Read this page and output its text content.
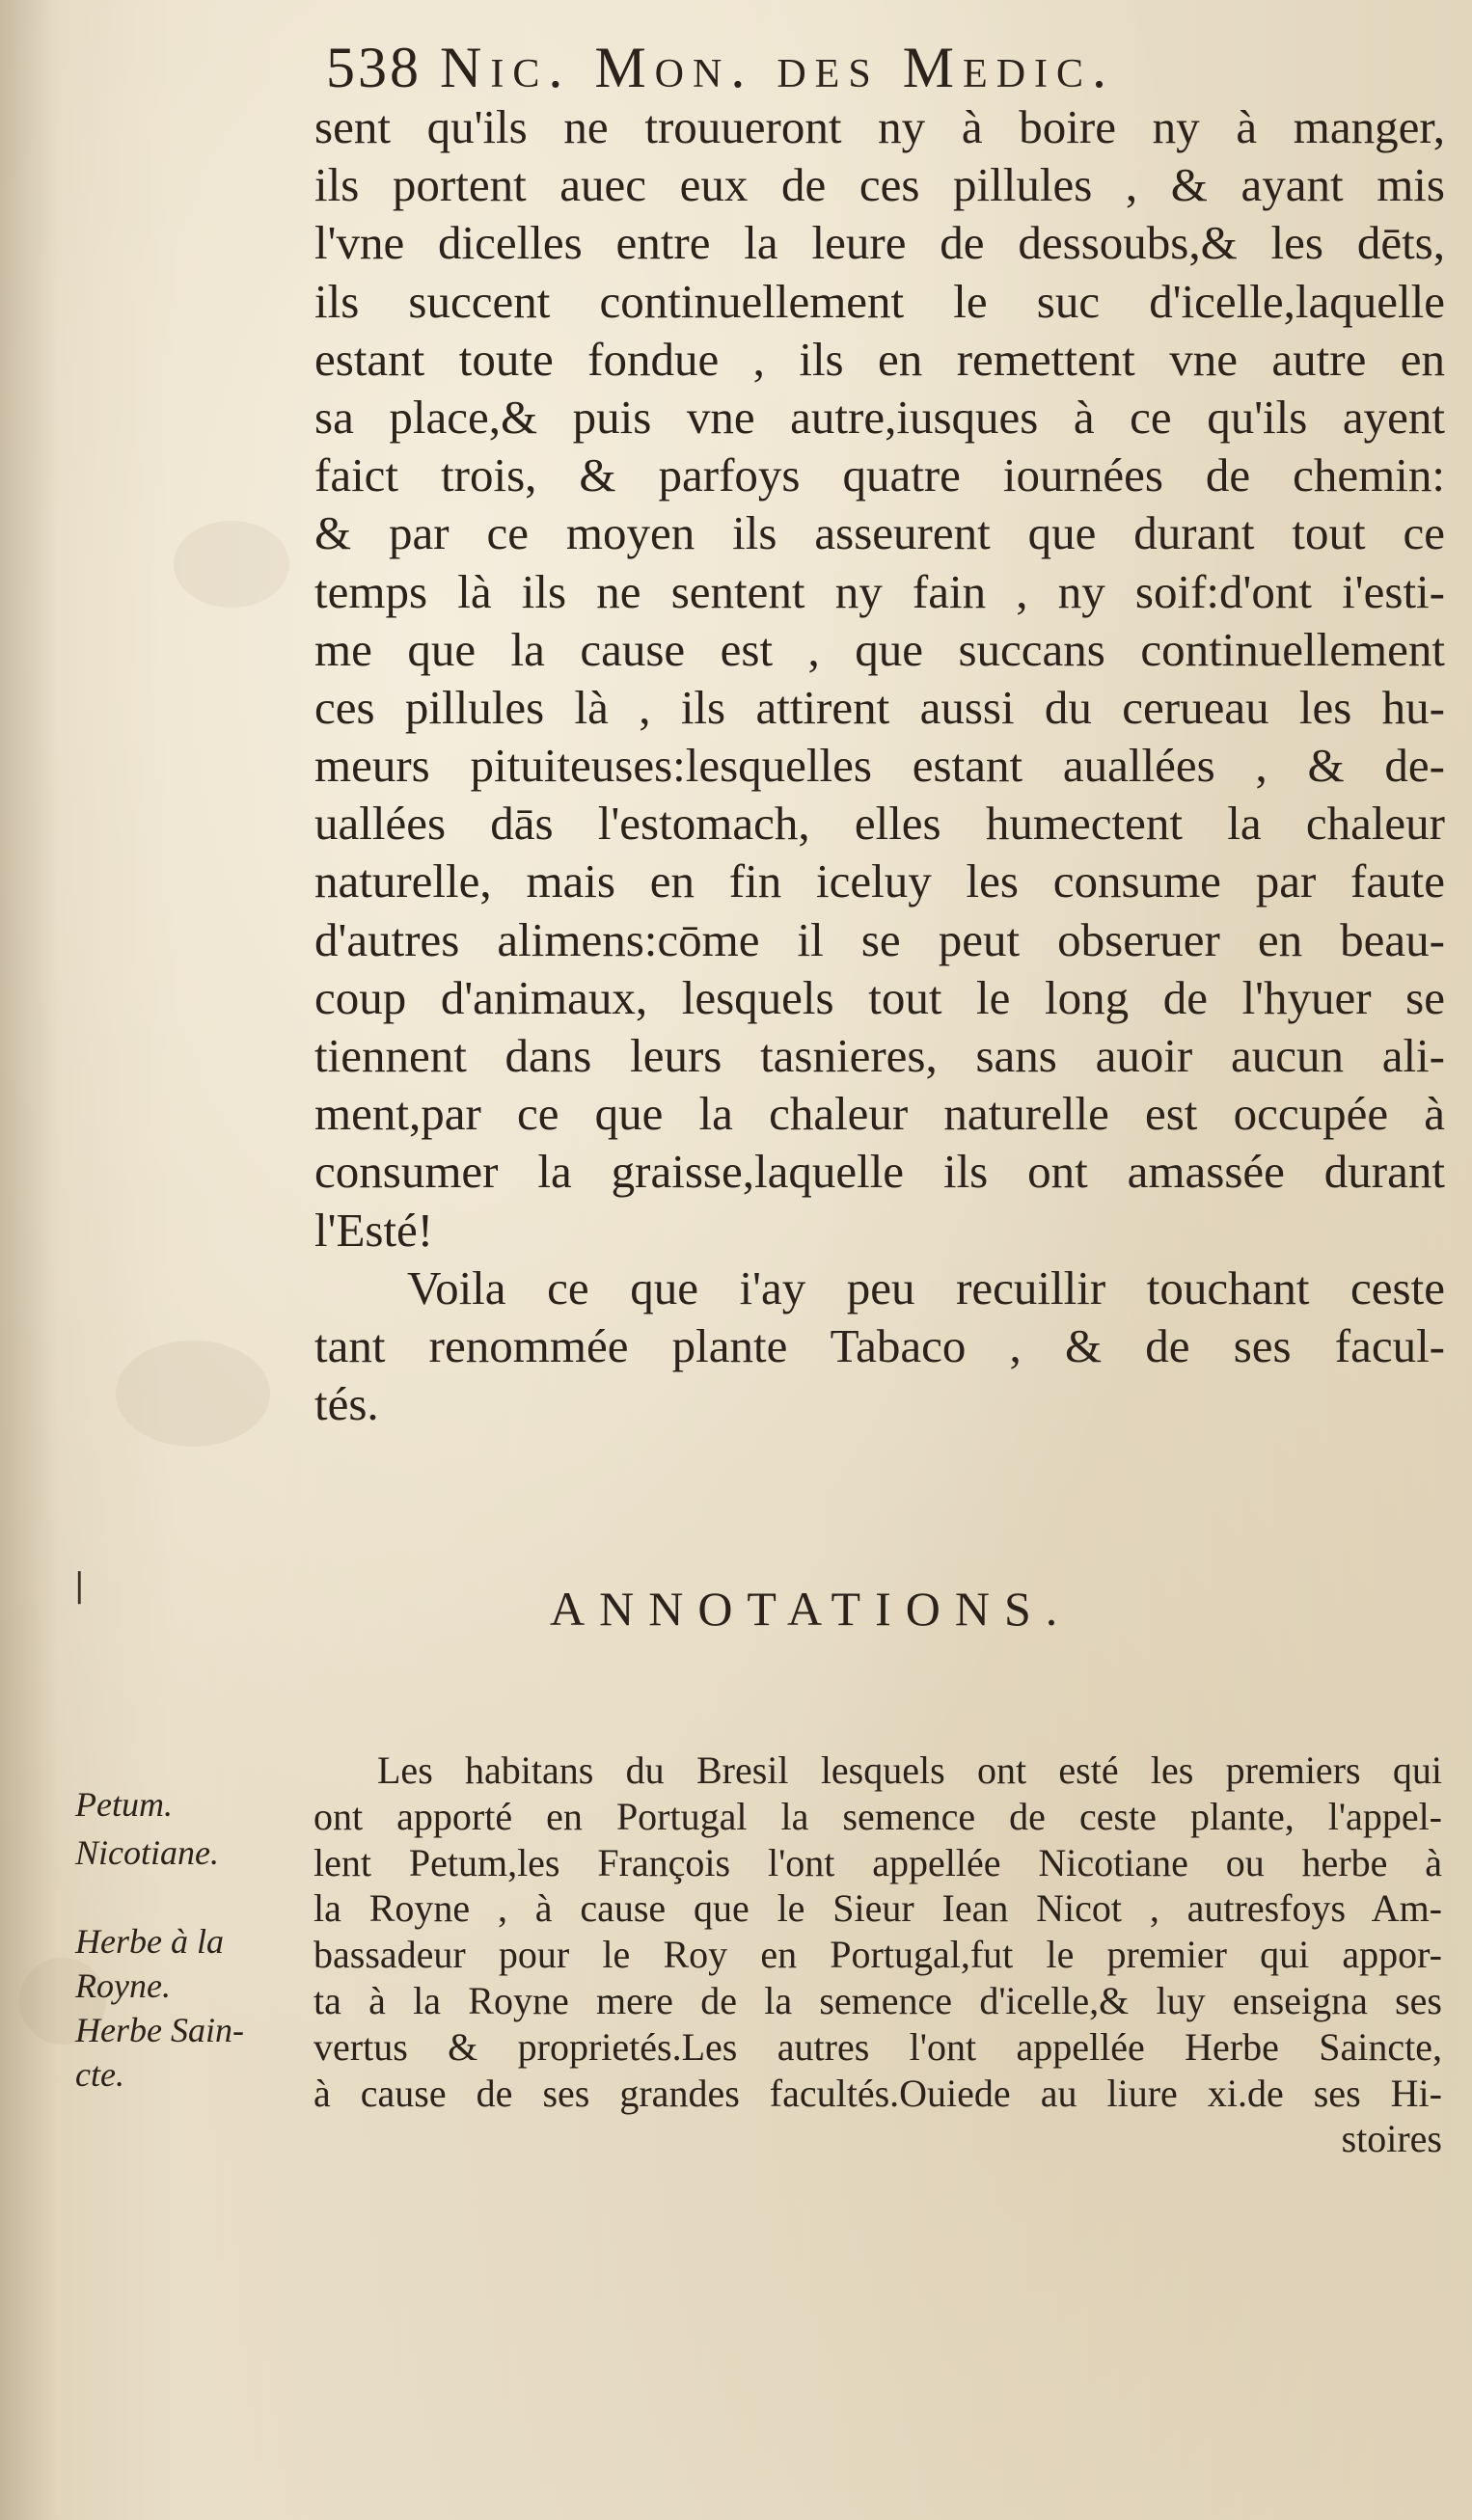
538 Nic. Mon. des Medic.
sent qu'ils ne trouueront ny à boire ny à manger,
ils portent auec eux de ces pillules , & ayant mis
l'vne dicelles entre la leure de dessoubs,& les dēts,
ils succent continuellement le suc d'icelle,laquelle
estant toute fondue , ils en remettent vne autre en
sa place,& puis vne autre,iusques à ce qu'ils ayent
faict trois, & parfoys quatre iournées de chemin:
& par ce moyen ils asseurent que durant tout ce
temps là ils ne sentent ny fain , ny soif:d'ont i'esti-
me que la cause est , que succans continuellement
ces pillules là , ils attirent aussi du cerueau les hu-
meurs pituiteuses:lesquelles estant auallées , & de-
uallées dās l'estomach, elles humectent la chaleur
naturelle, mais en fin iceluy les consume par faute
d'autres alimens:cōme il se peut obseruer en beau-
coup d'animaux, lesquels tout le long de l'hyuer se
tiennent dans leurs tasnieres, sans auoir aucun ali-
ment,par ce que la chaleur naturelle est occupée à
consumer la graisse,laquelle ils ont amassée durant
l'Esté!
Voila ce que i'ay peu recuillir touchant ceste
tant renommée plante Tabaco , & de ses facul-
tés.
❘	ANNOTATIONS.
Petum.
Nicotiane.
Herbe à la
Royne.
Herbe Sain-
cte.
Les habitans du Bresil lesquels ont esté les premiers qui
ont apporté en Portugal la semence de ceste plante, l'appel-
lent Petum,les François l'ont appellée Nicotiane ou herbe à
la Royne , à cause que le Sieur Iean Nicot , autresfoys Am-
bassadeur pour le Roy en Portugal,fut le premier qui appor-
ta à la Royne mere de la semence d'icelle,& luy enseigna ses
vertus & proprietés.Les autres l'ont appellée Herbe Saincte,
à cause de ses grandes facultés.Ouiede au liure xi.de ses Hi-
stoires
